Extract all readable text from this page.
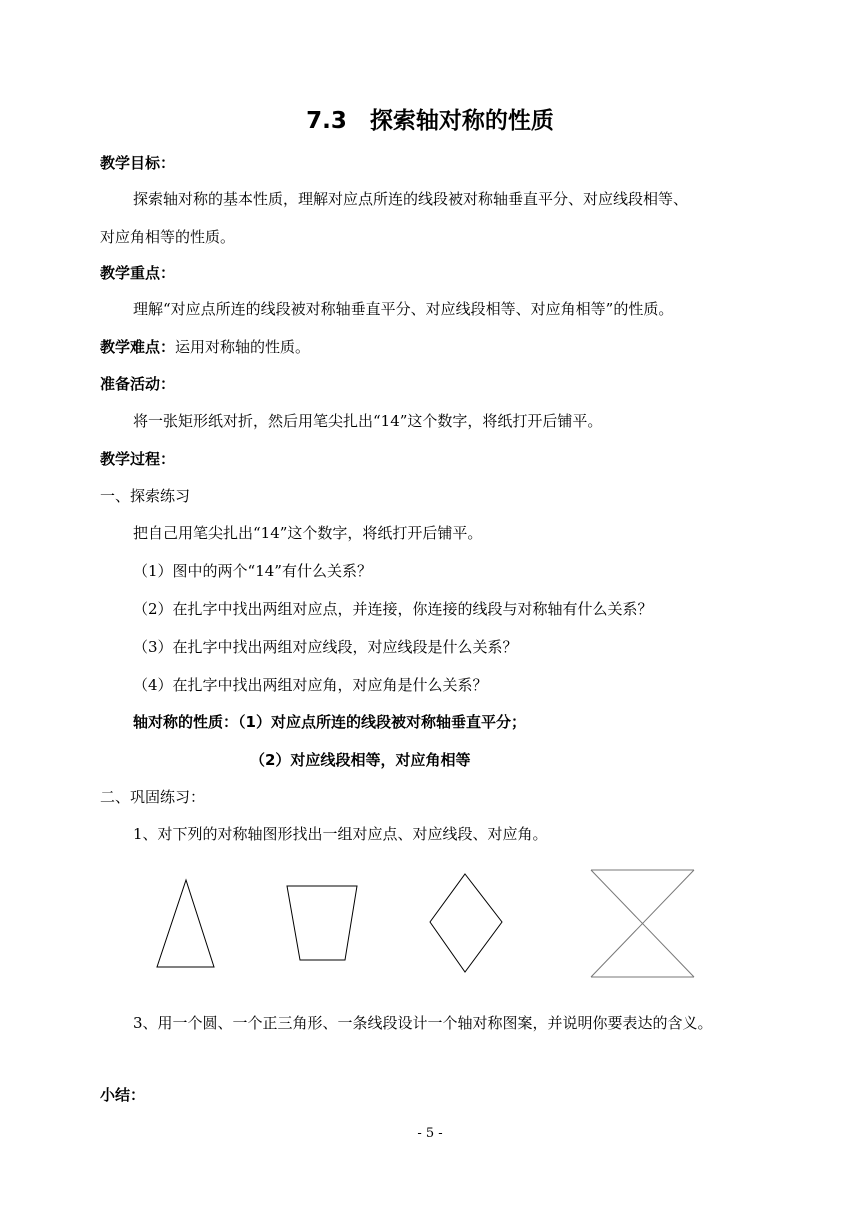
7.3　探索轴对称的性质
教学目标：
探索轴对称的基本性质，理解对应点所连的线段被对称轴垂直平分、对应线段相等、
对应角相等的性质。
教学重点：
理解“对应点所连的线段被对称轴垂直平分、对应线段相等、对应角相等”的性质。
教学难点：运用对称轴的性质。
准备活动：
将一张矩形纸对折，然后用笔尖扎出“14”这个数字，将纸打开后铺平。
教学过程：
一、探索练习
把自己用笔尖扎出“14”这个数字，将纸打开后铺平。
（1）图中的两个“14”有什么关系？
（2）在扎字中找出两组对应点，并连接，你连接的线段与对称轴有什么关系？
（3）在扎字中找出两组对应线段，对应线段是什么关系？
（4）在扎字中找出两组对应角，对应角是什么关系？
轴对称的性质：（1）对应点所连的线段被对称轴垂直平分；
（2）对应线段相等，对应角相等
二、巩固练习：
1、对下列的对称轴图形找出一组对应点、对应线段、对应角。
3、用一个圆、一个正三角形、一条线段设计一个轴对称图案，并说明你要表达的含义。
小结：
- 5 -
